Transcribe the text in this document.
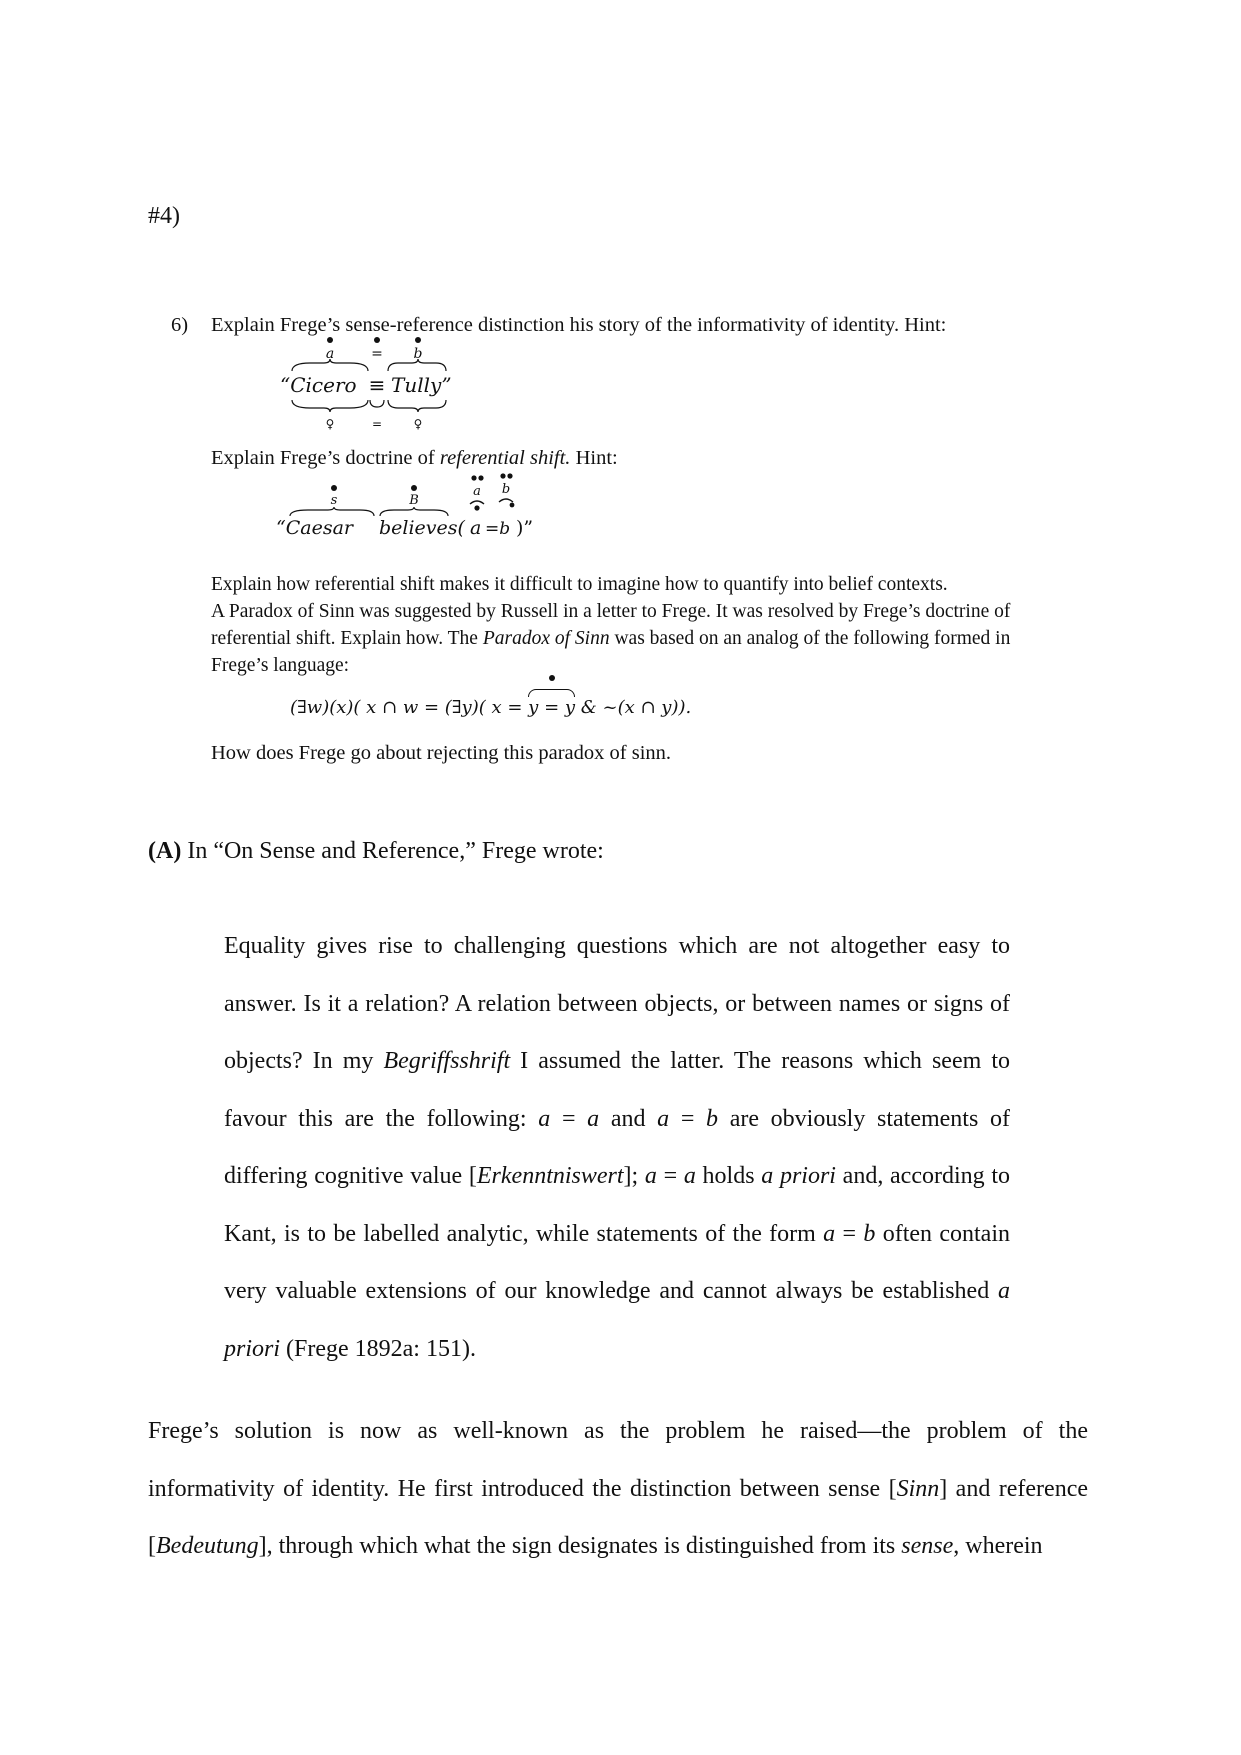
#4)
6) Explain Frege’s sense-reference distinction his story of the informativity of identity. Hint:
a	= b
“Cicero ≡ Tully”
♀	=	♀
Explain Frege’s doctrine of referential shift. Hint:
s	B
a b
“Caesar believes( a =b )”
Explain how referential shift makes it difficult to imagine how to quantify into belief contexts.
A Paradox of Sinn was suggested by Russell in a letter to Frege. It was resolved by Frege’s doctrine of
referential shift. Explain how. The Paradox of Sinn was based on an analog of the following formed in
Frege’s language:
(∃w)(x)( x ∩ w = (∃y)( x =
y = y & ~(x ∩ y)).
How does Frege go about rejecting this paradox of sinn.
(A) In “On Sense and Reference,” Frege wrote:
Equality gives rise to challenging questions which are not altogether easy to answer. Is it a relation? A relation between objects, or between names or signs of objects? In my Begriffsshrift I assumed the latter. The reasons which seem to favour this are the following: a = a and a = b are obviously statements of differing cognitive value [Erkenntniswert]; a = a holds a priori and, according to Kant, is to be labelled analytic, while statements of the form a = b often contain very valuable extensions of our knowledge and cannot always be established a priori (Frege 1892a: 151).
Frege’s solution is now as well-known as the problem he raised—the problem of the informativity of identity. He first introduced the distinction between sense [Sinn] and reference [Bedeutung], through which what the sign designates is distinguished from its sense, wherein
